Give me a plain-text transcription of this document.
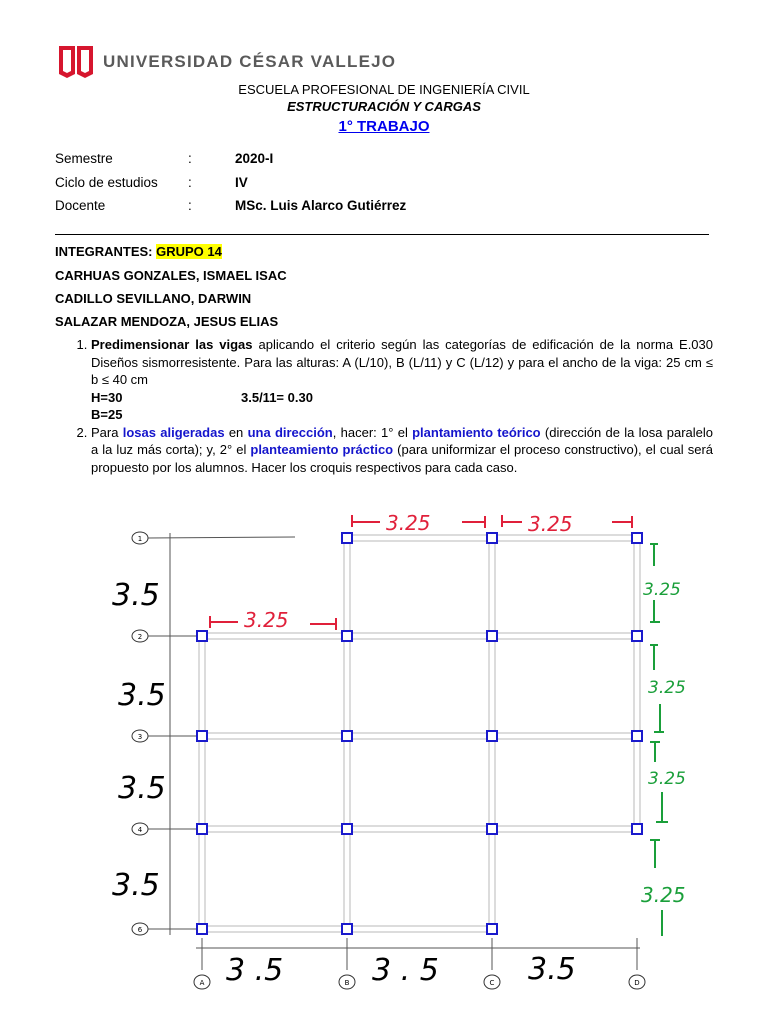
UNIVERSIDAD CÉSAR VALLEJO
ESCUELA PROFESIONAL DE INGENIERÍA CIVIL
ESTRUCTURACIÓN Y CARGAS
1° TRABAJO
Semestre	:	2020-I
Ciclo de estudios :	IV
Docente	:	MSc. Luis Alarco Gutiérrez
INTEGRANTES: GRUPO 14
CARHUAS GONZALES, ISMAEL ISAC
CADILLO SEVILLANO, DARWIN
SALAZAR MENDOZA, JESUS ELIAS
1. Predimensionar las vigas aplicando el criterio según las categorías de edificación de la norma E.030 Diseños sismorresistente. Para las alturas: A (L/10), B (L/11) y C (L/12) y para el ancho de la viga: 25 cm ≤ b ≤ 40 cm
H=30	3.5/11= 0.30
B=25
2. Para losas aligeradas en una dirección, hacer: 1° el plantamiento teórico (dirección de la losa paralelo a la luz más corta); y, 2° el planteamiento práctico (para uniformizar el proceso constructivo), el cual será propuesto por los alumnos. Hacer los croquis respectivos para cada caso.
1
2
3
4
6
A	B	C	D
3.5
3.5
3.5
3.5
3 .5	3 . 5	3.5
3.25	3.25
3.25
3.25
3.25
3.25
3.25
